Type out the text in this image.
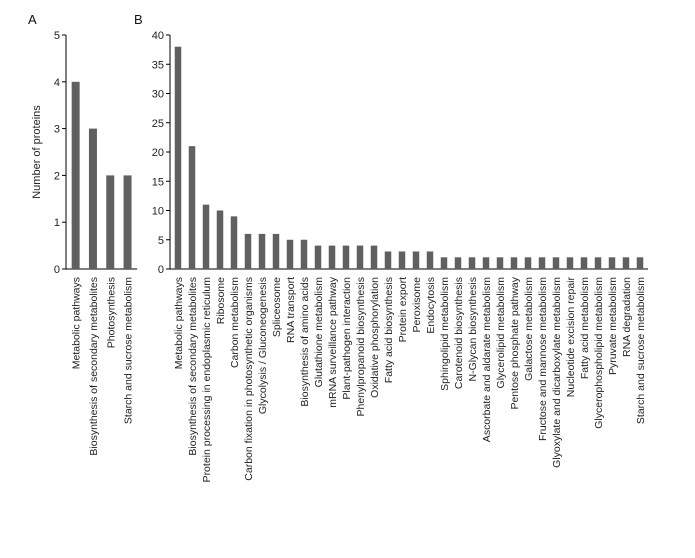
A
0
1
2
3
4
5
Number of proteins
Metabolic pathways Biosynthesis of secondary metabolites Photosynthesis Starch and sucrose metabolism
B
0
5
10
15
20
25
30
35
40
Metabolic pathways Biosynthesis of secondary metabolites Protein processing in endoplasmic reticulum Ribosome Carbon metabolism Carbon fixation in photosynthetic organisms Glycolysis / Gluconeogenesis Spliceosome RNA transport Biosynthesis of amino acids Glutathione metabolism mRNA surveillance pathway Plant-pathogen interaction Phenylpropanoid biosynthesis Oxidative phosphorylation Fatty acid biosynthesis Protein export Peroxisome Endocytosis Sphingolipid metabolism Carotenoid biosynthesis N-Glycan biosynthesis Ascorbate and aldarate metabolism Glycerolipid metabolism Pentose phosphate pathway Galactose metabolism Fructose and mannose metabolism Glyoxylate and dicarboxylate metabolism Nucleotide excision repair Fatty acid metabolism Glycerophospholipid metabolism Pyruvate metabolism RNA degradation Starch and sucrose metabolism
